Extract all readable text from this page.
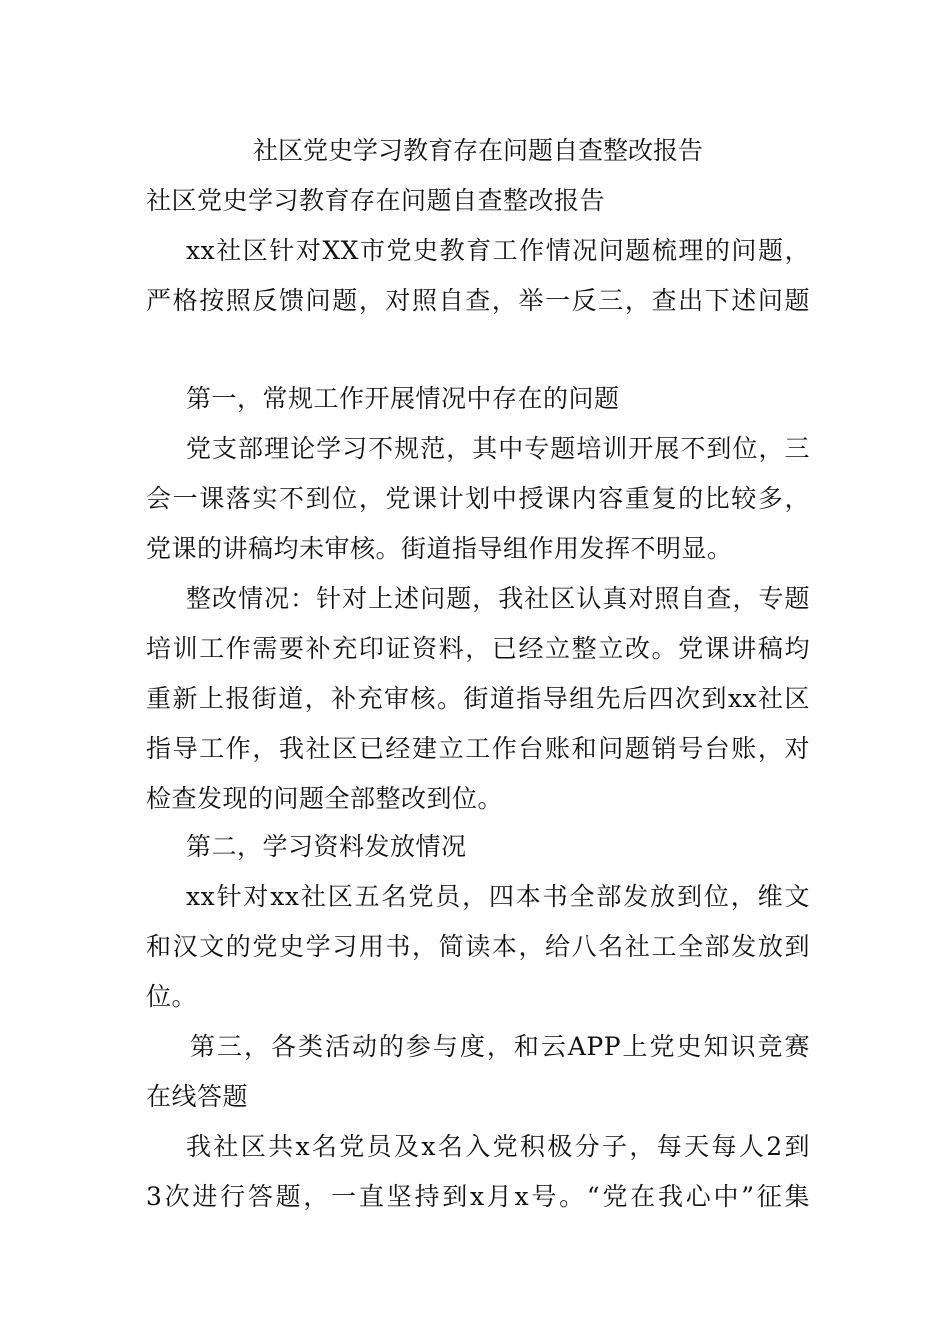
社区党史学习教育存在问题自查整改报告
社区党史学习教育存在问题自查整改报告
xx社区针对XX市党史教育工作情况问题梳理的问题，
严格按照反馈问题，对照自查，举一反三，查出下述问题
第一，常规工作开展情况中存在的问题
党支部理论学习不规范，其中专题培训开展不到位，三
会一课落实不到位，党课计划中授课内容重复的比较多，
党课的讲稿均未审核。街道指导组作用发挥不明显。
整改情况：针对上述问题，我社区认真对照自查，专题
培训工作需要补充印证资料，已经立整立改。党课讲稿均
重新上报街道，补充审核。街道指导组先后四次到xx社区
指导工作，我社区已经建立工作台账和问题销号台账，对
检查发现的问题全部整改到位。
第二，学习资料发放情况
xx针对xx社区五名党员，四本书全部发放到位，维文
和汉文的党史学习用书，简读本，给八名社工全部发放到
位。
第三，各类活动的参与度，和云APP上党史知识竞赛
在线答题
我社区共x名党员及x名入党积极分子，每天每人2到
3次进行答题，一直坚持到x月x号。“党在我心中”征集
